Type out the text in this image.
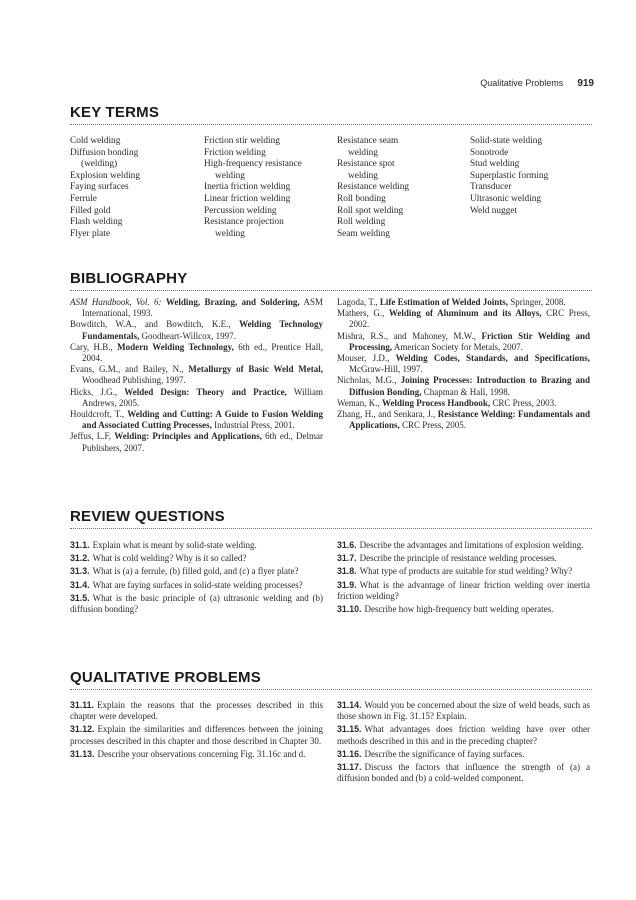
Qualitative Problems 919
KEY TERMS
Cold welding
Diffusion bonding
(welding)
Explosion welding
Faying surfaces
Ferrule
Filled gold
Flash welding
Flyer plate
Friction stir welding
Friction welding
High-frequency resistance
welding
Inertia friction welding
Linear friction welding
Percussion welding
Resistance projection
welding
Resistance seam
welding
Resistance spot
welding
Resistance welding
Roll bonding
Roll spot welding
Roll welding
Seam welding
Solid-state welding
Sonotrode
Stud welding
Superplastic forming
Transducer
Ultrasonic welding
Weld nugget
BIBLIOGRAPHY

ASM Handbook, Vol. 6: Welding, Brazing, and Soldering, ASM International, 1993.

Bowditch, W.A., and Bowditch, K.E., Welding Technology Fundamentals, Goodheart-Willcox, 1997.

Cary, H.B., Modern Welding Technology, 6th ed., Prentice Hall, 2004.

Evans, G.M., and Bailey, N., Metallurgy of Basic Weld Metal, Woodhead Publishing, 1997.

Hicks, J.G., Welded Design: Theory and Practice, William Andrews, 2005.

Houldcroft, T., Welding and Cutting: A Guide to Fusion Welding and Associated Cutting Processes, Industrial Press, 2001.

Jeffus, L.F, Welding: Principles and Applications, 6th ed., Delmar Publishers, 2007.

Lagoda, T., Life Estimation of Welded Joints, Springer, 2008.

Mathers, G., Welding of Aluminum and its Alloys, CRC Press, 2002.

Mishra, R.S., and Mahoney, M.W., Friction Stir Welding and Processing, American Society for Metals, 2007.

Mouser, J.D., Welding Codes, Standards, and Specifications, McGraw-Hill, 1997.

Nicholas, M.G., Joining Processes: Introduction to Brazing and Diffusion Bonding, Chapman & Hall, 1998.

Weman, K., Welding Process Handbook, CRC Press, 2003.

Zhang, H., and Senkara, J., Resistance Welding: Fundamentals and Applications, CRC Press, 2005.

REVIEW QUESTIONS

31.1. Explain what is meant by solid-state welding.

31.2. What is cold welding? Why is it so called?

31.3. What is (a) a ferrule, (b) filled gold, and (c) a flyer plate?

31.4. What are faying surfaces in solid-state welding processes?

31.5. What is the basic principle of (a) ultrasonic welding and (b) diffusion bonding?

31.6. Describe the advantages and limitations of explosion welding.

31.7. Describe the principle of resistance welding processes.

31.8. What type of products are suitable for stud welding? Why?

31.9. What is the advantage of linear friction welding over inertia friction welding?

31.10. Describe how high-frequency butt welding operates.

QUALITATIVE PROBLEMS

31.11. Explain the reasons that the processes described in this chapter were developed.

31.12. Explain the similarities and differences between the joining processes described in this chapter and those described in Chapter 30.

31.13. Describe your observations concerning Fig. 31.16c and d.

31.14. Would you be concerned about the size of weld beads, such as those shown in Fig. 31.15? Explain.

31.15. What advantages does friction welding have over other methods described in this and in the preceding chapter?

31.16. Describe the significance of faying surfaces.

31.17. Discuss the factors that influence the strength of (a) a diffusion bonded and (b) a cold-welded component.
